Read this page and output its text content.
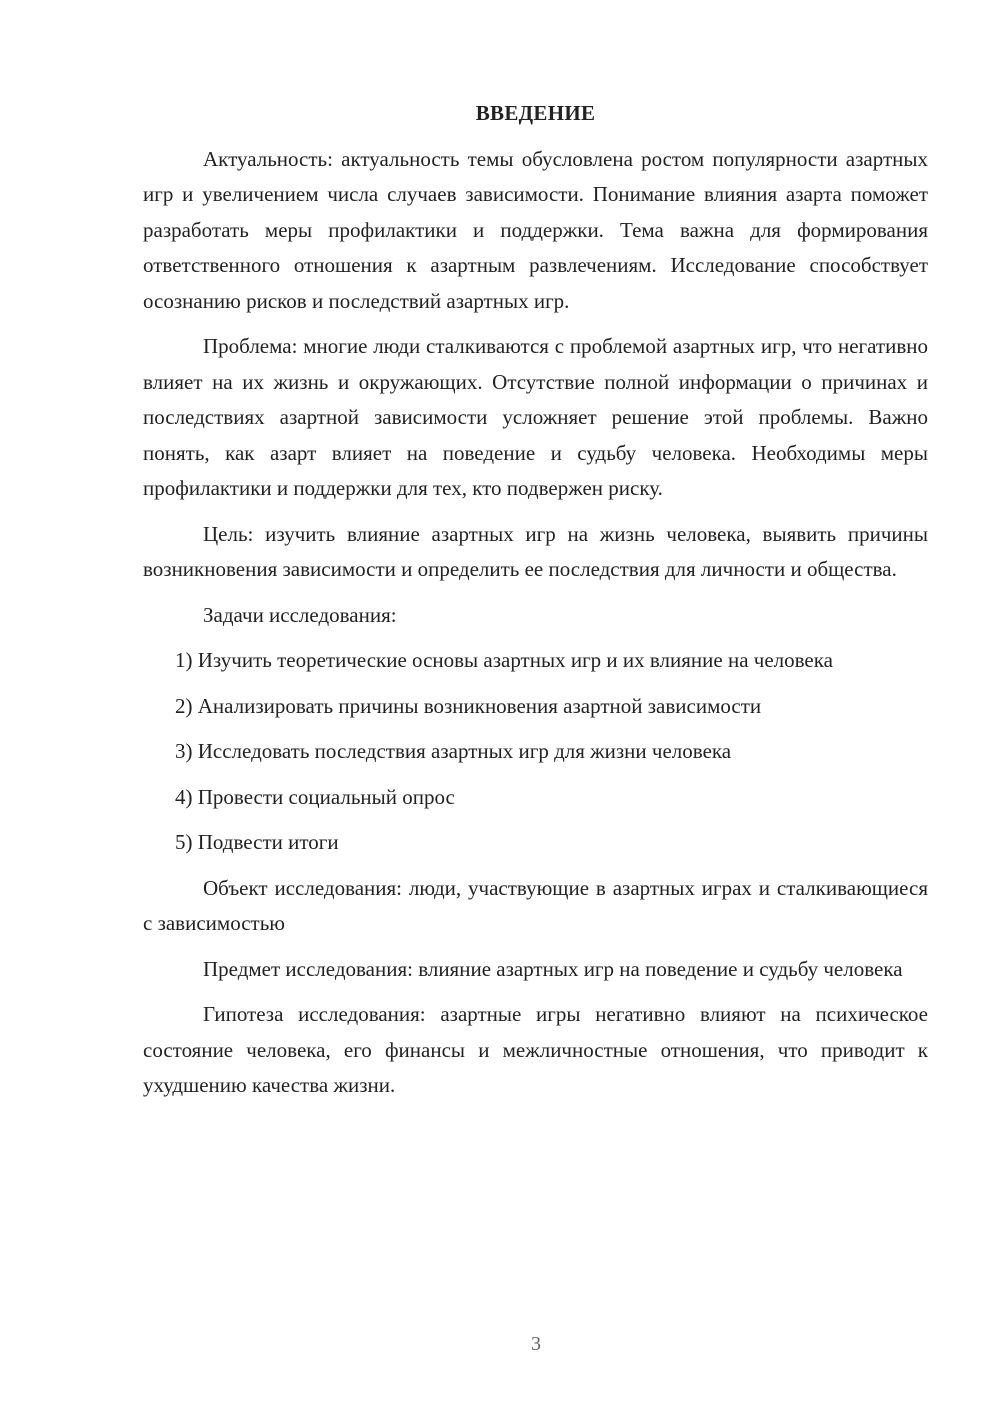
ВВЕДЕНИЕ

Актуальность: актуальность темы обусловлена ростом популярности азартных игр и увеличением числа случаев зависимости. Понимание влияния азарта поможет разработать меры профилактики и поддержки. Тема важна для формирования ответственного отношения к азартным развлечениям. Исследование способствует осознанию рисков и последствий азартных игр.

Проблема: многие люди сталкиваются с проблемой азартных игр, что негативно влияет на их жизнь и окружающих. Отсутствие полной информации о причинах и последствиях азартной зависимости усложняет решение этой проблемы. Важно понять, как азарт влияет на поведение и судьбу человека. Необходимы меры профилактики и поддержки для тех, кто подвержен риску.

Цель: изучить влияние азартных игр на жизнь человека, выявить причины возникновения зависимости и определить ее последствия для личности и общества.

Задачи исследования:

1) Изучить теоретические основы азартных игр и их влияние на человека

2) Анализировать причины возникновения азартной зависимости

3) Исследовать последствия азартных игр для жизни человека

4) Провести социальный опрос

5) Подвести итоги

Объект исследования: люди, участвующие в азартных играх и сталкивающиеся с зависимостью

Предмет исследования: влияние азартных игр на поведение и судьбу человека

Гипотеза исследования: азартные игры негативно влияют на психическое состояние человека, его финансы и межличностные отношения, что приводит к ухудшению качества жизни.

3
